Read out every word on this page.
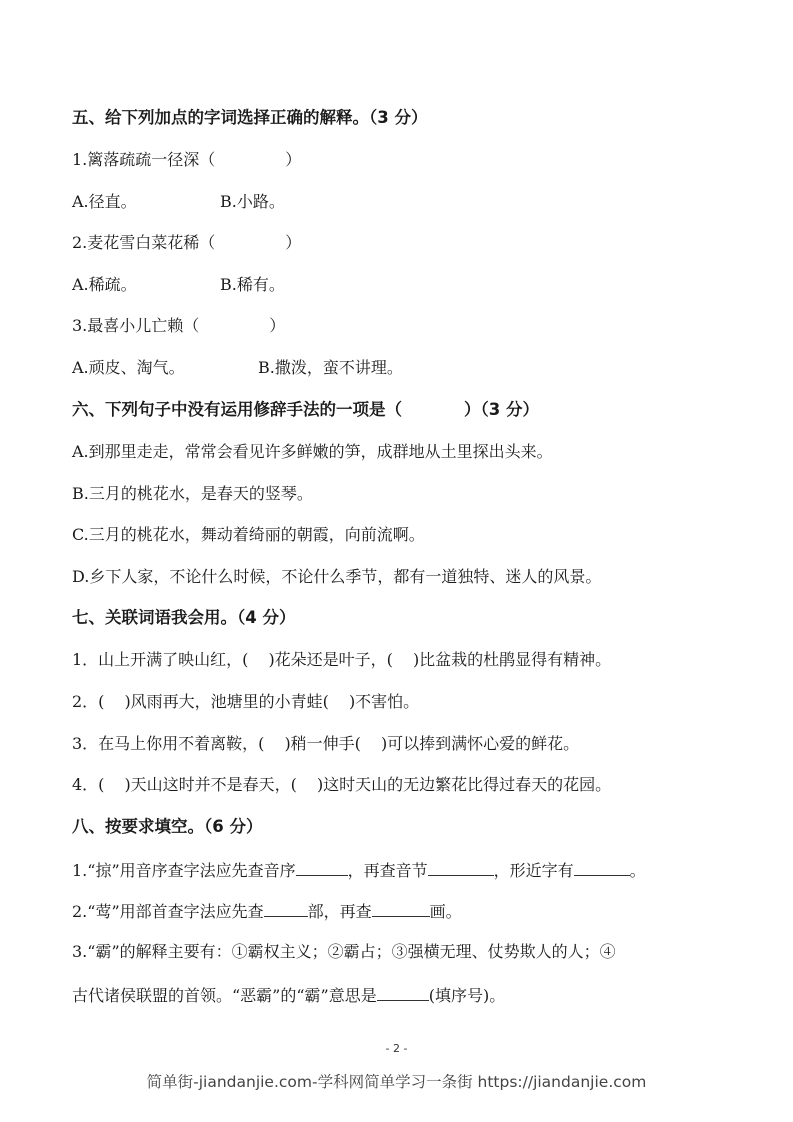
五、给下列加点的字词选择正确的解释。（3 分）
1.篱落疏疏一径深（	）
A.径直。	B.小路。
2.麦花雪白菜花稀（	）
A.稀疏。	B.稀有。
3.最喜小儿亡赖（	）
A.顽皮、淘气。	B.撒泼，蛮不讲理。
六、下列句子中没有运用修辞手法的一项是（	）（3 分）
A.到那里走走，常常会看见许多鲜嫩的笋，成群地从土里探出头来。
B.三月的桃花水，是春天的竖琴。
C.三月的桃花水，舞动着绮丽的朝霞，向前流啊。
D.乡下人家，不论什么时候，不论什么季节，都有一道独特、迷人的风景。
七、关联词语我会用。（4 分）
1．山上开满了映山红，( )花朵还是叶子，( )比盆栽的杜鹃显得有精神。
2．( )风雨再大，池塘里的小青蛙( )不害怕。
3．在马上你用不着离鞍，( )稍一伸手( )可以捧到满怀心爱的鲜花。
4．( )天山这时并不是春天，( )这时天山的无边繁花比得过春天的花园。
八、按要求填空。（6 分）
1.“掠”用音序查字法应先查音序	，再查音节	，形近字有	。
2.“莺”用部首查字法应先查	部，再查	画。
3.“霸”的解释主要有：①霸权主义；②霸占；③强横无理、仗势欺人的人；④
古代诸侯联盟的首领。“恶霸”的“霸”意思是	(填序号)。
- 2 -
简单街-jiandanjie.com-学科网简单学习一条街 https://jiandanjie.com
